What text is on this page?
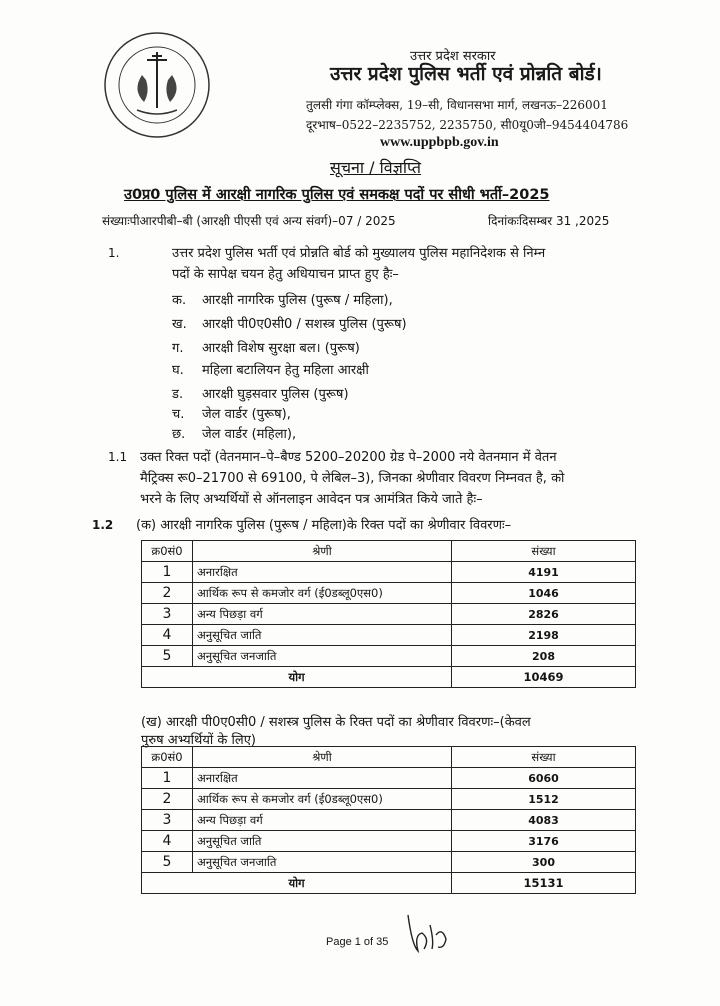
उत्तर प्रदेश सरकार
उत्तर प्रदेश पुलिस भर्ती एवं प्रोन्नति बोर्ड।
तुलसी गंगा कॉम्प्लेक्स, 19–सी, विधानसभा मार्ग, लखनऊ–226001
दूरभाष–0522–2235752, 2235750, सी0यू0जी–9454404786
www.uppbpb.gov.in
सूचना / विज्ञप्ति
उ0प्र0 पुलिस में आरक्षी नागरिक पुलिस एवं समकक्ष पदों पर सीधी भर्ती–2025
संख्याःपीआरपीबी–बी (आरक्षी पीएसी एवं अन्य संवर्ग)–07 / 2025	दिनांकःदिसम्बर 31 ,2025
1.	उत्तर प्रदेश पुलिस भर्ती एवं प्रोन्नति बोर्ड को मुख्यालय पुलिस महानिदेशक से निम्न
पदों के सापेक्ष चयन हेतु अधियाचन प्राप्त हुए हैः–
क. आरक्षी नागरिक पुलिस (पुरूष / महिला),
ख. आरक्षी पी0ए0सी0 / सशस्त्र पुलिस (पुरूष)
ग. आरक्षी विशेष सुरक्षा बल। (पुरूष)
घ. महिला बटालियन हेतु महिला आरक्षी
ड. आरक्षी घुड़सवार पुलिस (पुरूष)
च. जेल वार्डर (पुरूष),
छ. जेल वार्डर (महिला),
1.1 उक्त रिक्त पदों (वेतनमान–पे–बैण्ड 5200–20200 ग्रेड पे–2000 नये वेतनमान में वेतन
मैट्रिक्स रू0–21700 से 69100, पे लेबिल–3), जिनका श्रेणीवार विवरण निम्नवत है, को
भरने के लिए अभ्यर्थियों से ऑनलाइन आवेदन पत्र आमंत्रित किये जाते हैः–
1.2 (क) आरक्षी नागरिक पुलिस (पुरूष / महिला)के रिक्त पदों का श्रेणीवार विवरणः–
क्र0सं0	श्रेणी	संख्या
1	अनारक्षित	4191
2	आर्थिक रूप से कमजोर वर्ग (ई0डब्लू0एस0)	1046
3	अन्य पिछड़ा वर्ग	2826
4	अनुसूचित जाति	2198
5	अनुसूचित जनजाति	208
योग		10469
(ख) आरक्षी पी0ए0सी0 / सशस्त्र पुलिस के रिक्त पदों का श्रेणीवार विवरणः–(केवल
पुरुष अभ्यर्थियों के लिए)
क्र0सं0	श्रेणी	संख्या
1	अनारक्षित	6060
2	आर्थिक रूप से कमजोर वर्ग (ई0डब्लू0एस0)	1512
3	अन्य पिछड़ा वर्ग	4083
4	अनुसूचित जाति	3176
5	अनुसूचित जनजाति	300
योग		15131
Page 1 of 35
